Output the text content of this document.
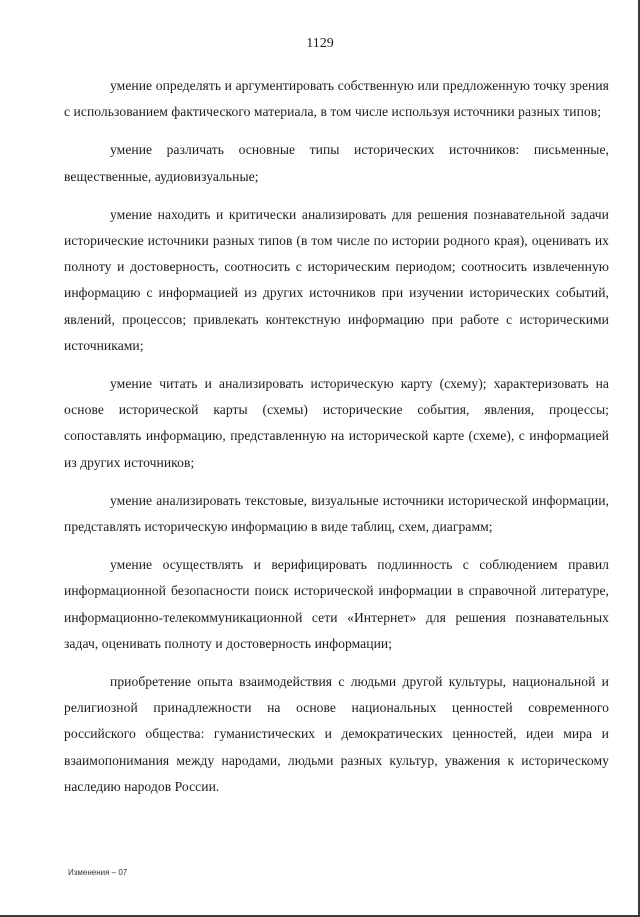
1129

умение определять и аргументировать собственную или предложенную точку зрения с использованием фактического материала, в том числе используя источники разных типов;

умение различать основные типы исторических источников: письменные, вещественные, аудиовизуальные;

умение находить и критически анализировать для решения познавательной задачи исторические источники разных типов (в том числе по истории родного края), оценивать их полноту и достоверность, соотносить с историческим периодом; соотносить извлеченную информацию с информацией из других источников при изучении исторических событий, явлений, процессов; привлекать контекстную информацию при работе с историческими источниками;

умение читать и анализировать историческую карту (схему); характеризовать на основе исторической карты (схемы) исторические события, явления, процессы; сопоставлять информацию, представленную на исторической карте (схеме), с информацией из других источников;

умение анализировать текстовые, визуальные источники исторической информации, представлять историческую информацию в виде таблиц, схем, диаграмм;

умение осуществлять и верифицировать подлинность с соблюдением правил информационной безопасности поиск исторической информации в справочной литературе, информационно-телекоммуникационной сети «Интернет» для решения познавательных задач, оценивать полноту и достоверность информации;

приобретение опыта взаимодействия с людьми другой культуры, национальной и религиозной принадлежности на основе национальных ценностей современного российского общества: гуманистических и демократических ценностей, идеи мира и взаимопонимания между народами, людьми разных культур, уважения к историческому наследию народов России.

Изменения – 07
